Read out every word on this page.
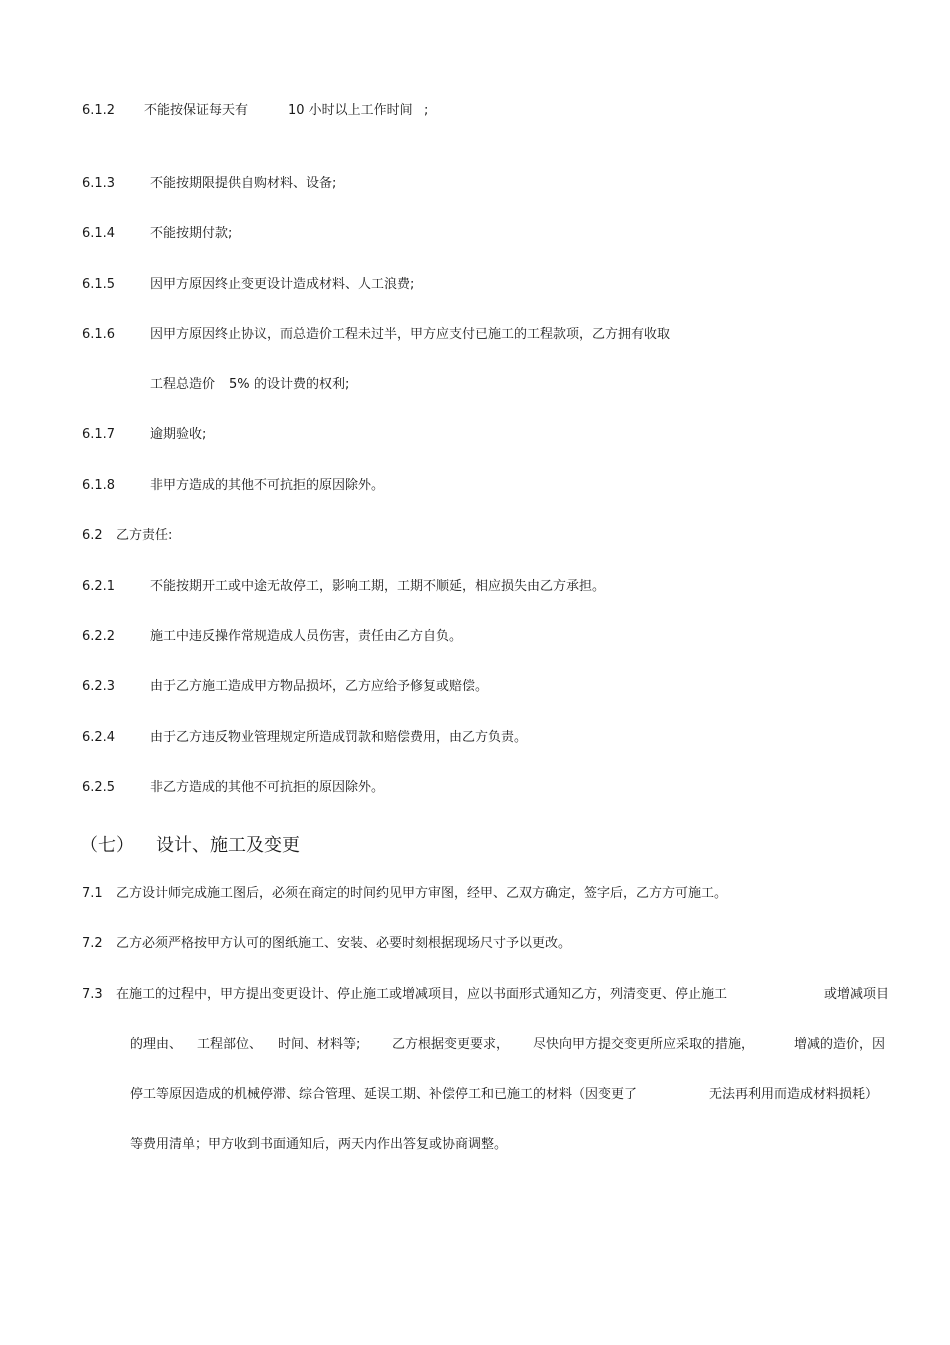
6.1.2 不能按保证每天有	10 小时以上工作时间 ;
6.1.3	不能按期限提供自购材料、设备;
6.1.4	不能按期付款;
6.1.5	因甲方原因终止变更设计造成材料、人工浪费;
6.1.6	因甲方原因终止协议，而总造价工程未过半，甲方应支付已施工的工程款项，乙方拥有收取
工程总造价 5% 的设计费的权利;
6.1.7	逾期验收;
6.1.8	非甲方造成的其他不可抗拒的原因除外。
6.2 乙方责任:
6.2.1	不能按期开工或中途无故停工，影响工期，工期不顺延，相应损失由乙方承担。
6.2.2	施工中违反操作常规造成人员伤害，责任由乙方自负。
6.2.3	由于乙方施工造成甲方物品损坏，乙方应给予修复或赔偿。
6.2.4	由于乙方违反物业管理规定所造成罚款和赔偿费用，由乙方负责。
6.2.5	非乙方造成的其他不可抗拒的原因除外。
（七） 设计、施工及变更
7.1 乙方设计师完成施工图后，必须在商定的时间约见甲方审图，经甲、乙双方确定，签字后，乙方方可施工。
7.2 乙方必须严格按甲方认可的图纸施工、安装、必要时刻根据现场尺寸予以更改。
7.3 在施工的过程中，甲方提出变更设计、停止施工或增减项目，应以书面形式通知乙方，列清变更、停止施工	或增减项目
的理由、 工程部位、 时间、材料等; 乙方根据变更要求， 尽快向甲方提交变更所应采取的措施，	增减的造价，因
停工等原因造成的机械停滞、综合管理、延误工期、补偿停工和已施工的材料（因变更了	无法再利用而造成材料损耗）
等费用清单；甲方收到书面通知后，两天内作出答复或协商调整。
